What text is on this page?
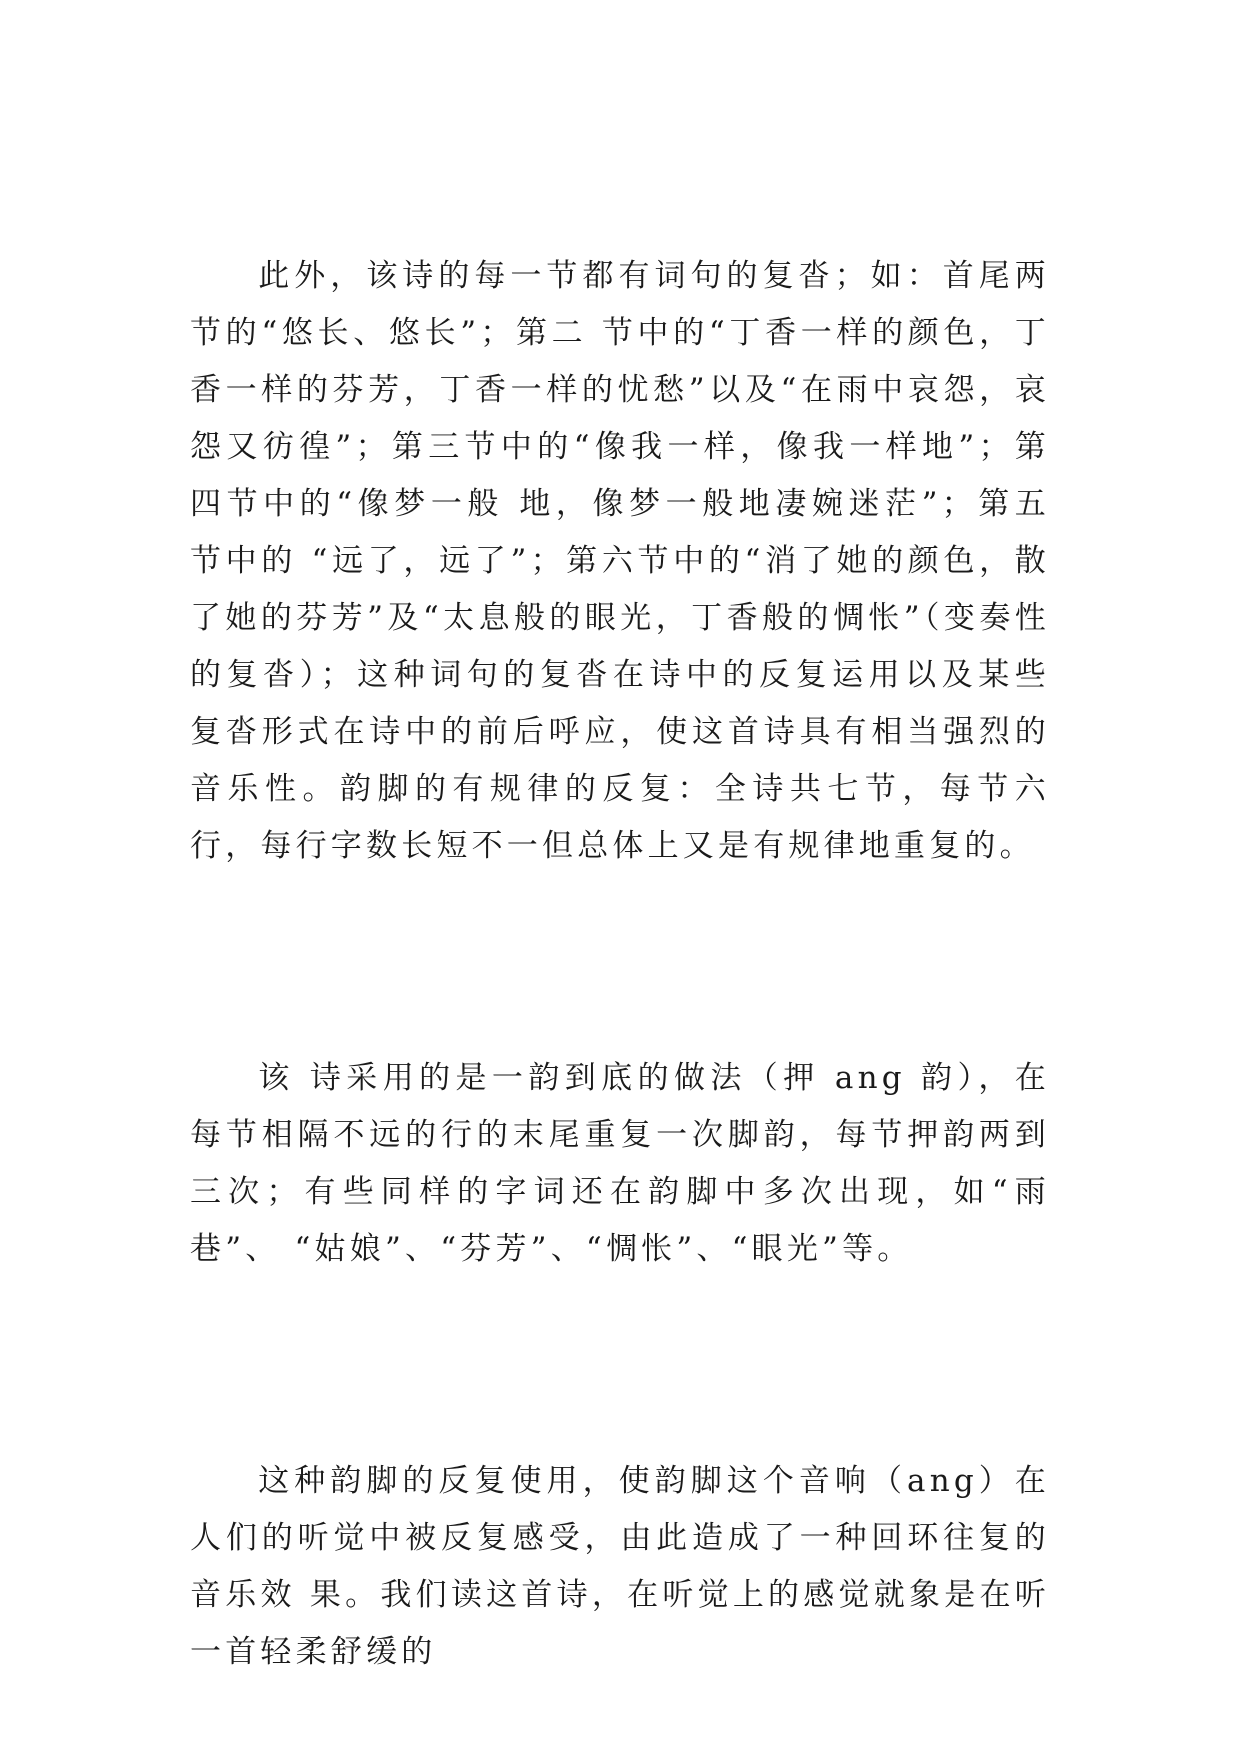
此外，该诗的每一节都有词句的复沓；如：首尾两节的“悠长、悠长”；第二 节中的“丁香一样的颜色，丁香一样的芬芳，丁香一样的忧愁”以及“在雨中哀怨，哀怨又彷徨”；第三节中的“像我一样，像我一样地”；第四节中的“像梦一般 地，像梦一般地凄婉迷茫”；第五节中的 “远了，远了”；第六节中的“消了她的颜色，散了她的芬芳”及“太息般的眼光，丁香般的惆怅”（变奏性的复沓）；这种词句的复沓在诗中的反复运用以及某些 复沓形式在诗中的前后呼应，使这首诗具有相当强烈的音乐性。韵脚的有规律的反复：全诗共七节，每节六行，每行字数长短不一但总体上又是有规律地重复的。

该 诗采用的是一韵到底的做法（押 ang 韵），在每节相隔不远的行的末尾重复一次脚韵，每节押韵两到三次；有些同样的字词还在韵脚中多次出现，如“雨巷”、 “姑娘”、“芬芳”、“惆怅”、“眼光”等。

这种韵脚的反复使用，使韵脚这个音响（ang）在人们的听觉中被反复感受，由此造成了一种回环往复的音乐效 果。我们读这首诗，在听觉上的感觉就象是在听一首轻柔舒缓的
